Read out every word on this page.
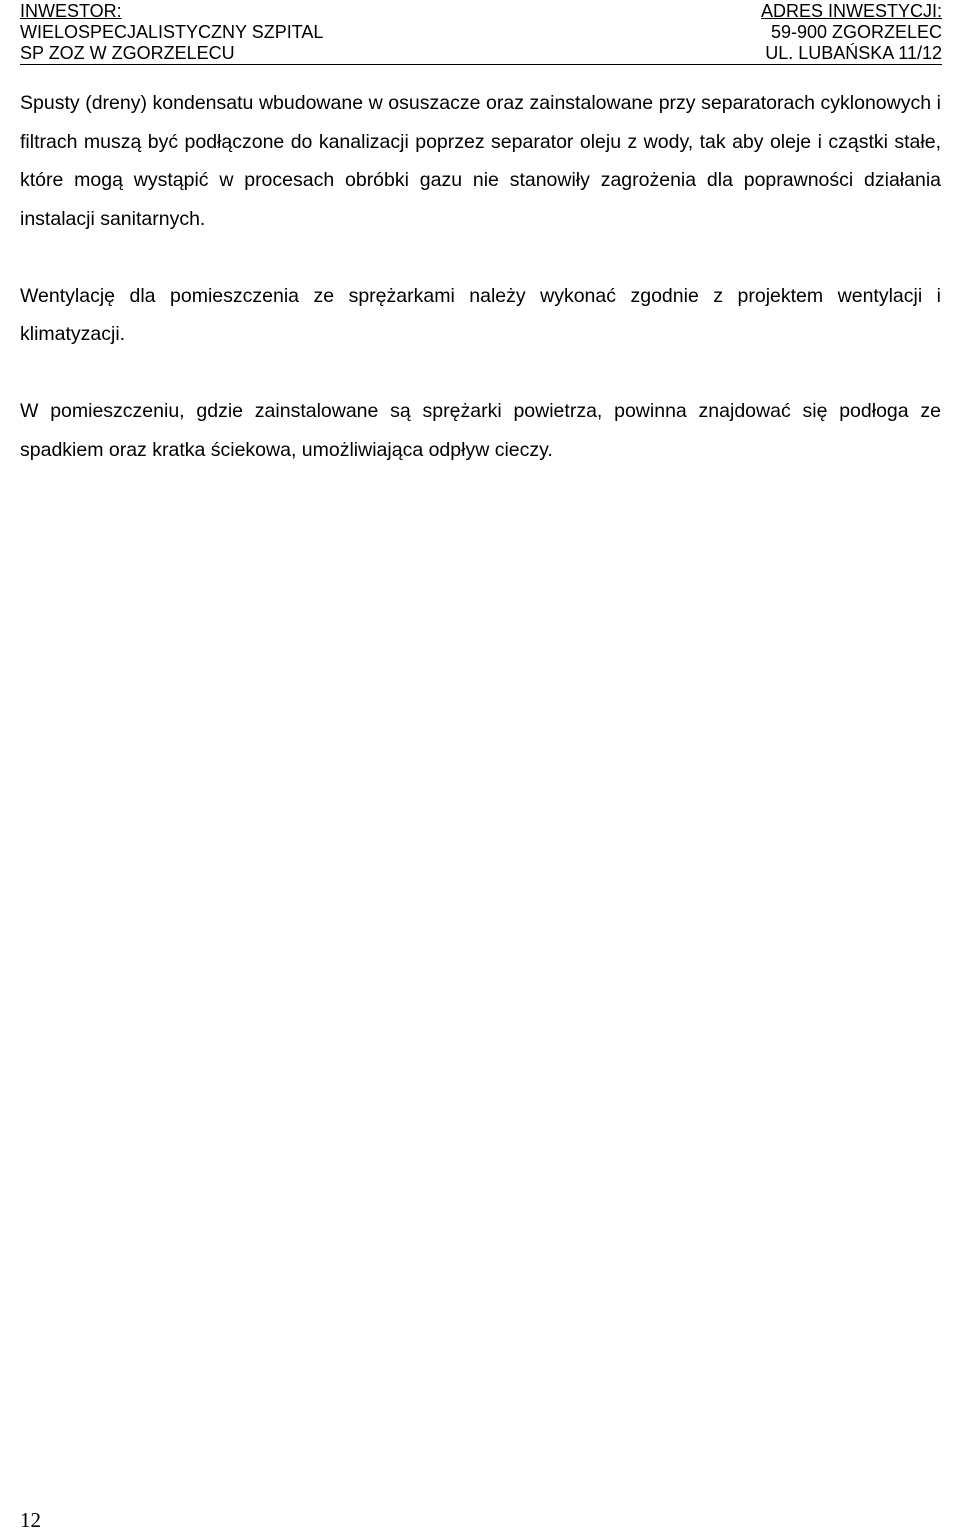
INWESTOR:
WIELOSPECJALISTYCZNY SZPITAL
SP ZOZ W ZGORZELECU
ADRES INWESTYCJI:
59-900 ZGORZELEC
UL. LUBAŃSKA 11/12

Spusty (dreny) kondensatu wbudowane w osuszacze oraz zainstalowane przy separatorach cyklonowych i filtrach muszą być podłączone do kanalizacji poprzez separator oleju z wody, tak aby oleje i cząstki stałe, które mogą wystąpić w procesach obróbki gazu nie stanowiły zagrożenia dla poprawności działania instalacji sanitarnych.

Wentylację dla pomieszczenia ze sprężarkami należy wykonać zgodnie z projektem wentylacji i klimatyzacji.

W pomieszczeniu, gdzie zainstalowane są sprężarki powietrza, powinna znajdować się podłoga ze spadkiem oraz kratka ściekowa, umożliwiająca odpływ cieczy.

12
